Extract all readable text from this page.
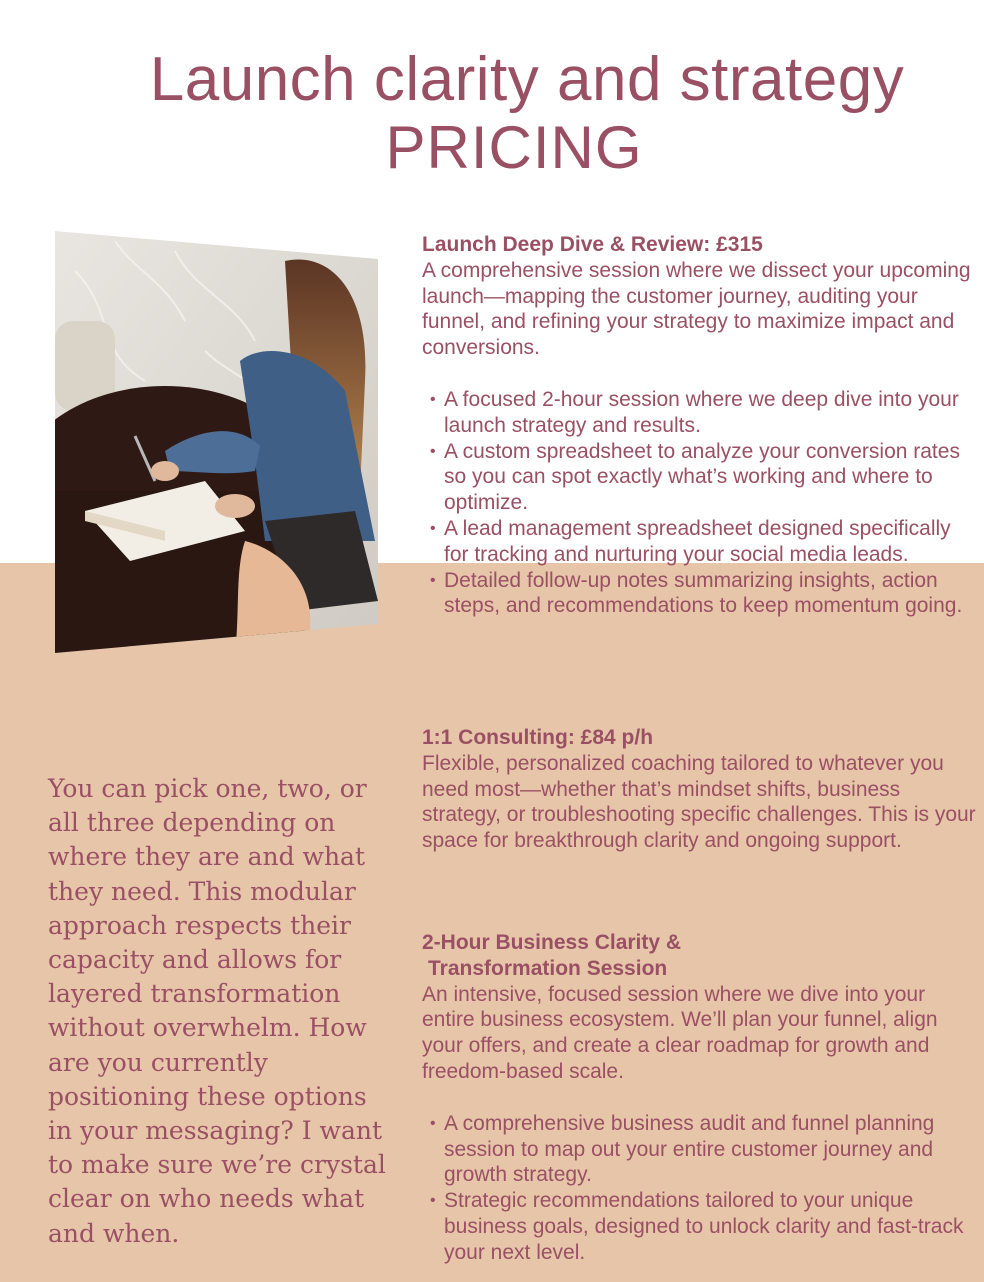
Launch clarity and strategy
PRICING
Launch Deep Dive & Review: £315

A comprehensive session where we dissect your upcoming launch—mapping the customer journey, auditing your funnel, and refining your strategy to maximize impact and conversions.

• A focused 2-hour session where we deep dive into your launch strategy and results.
• A custom spreadsheet to analyze your conversion rates so you can spot exactly what’s working and where to optimize.
• A lead management spreadsheet designed specifically for tracking and nurturing your social media leads.
• Detailed follow-up notes summarizing insights, action steps, and recommendations to keep momentum going.
1:1 Consulting: £84 p/h

Flexible, personalized coaching tailored to whatever you need most—whether that’s mindset shifts, business strategy, or troubleshooting specific challenges. This is your space for breakthrough clarity and ongoing support.

2-Hour Business Clarity &
Transformation Session

An intensive, focused session where we dive into your entire business ecosystem. We’ll plan your funnel, align your offers, and create a clear roadmap for growth and freedom-based scale.

• A comprehensive business audit and funnel planning session to map out your entire customer journey and growth strategy.
• Strategic recommendations tailored to your unique business goals, designed to unlock clarity and fast-track your next level.

You can pick one, two, or all three depending on where they are and what they need. This modular approach respects their capacity and allows for layered transformation without overwhelm. How are you currently positioning these options in your messaging? I want to make sure we’re crystal clear on who needs what and when.
